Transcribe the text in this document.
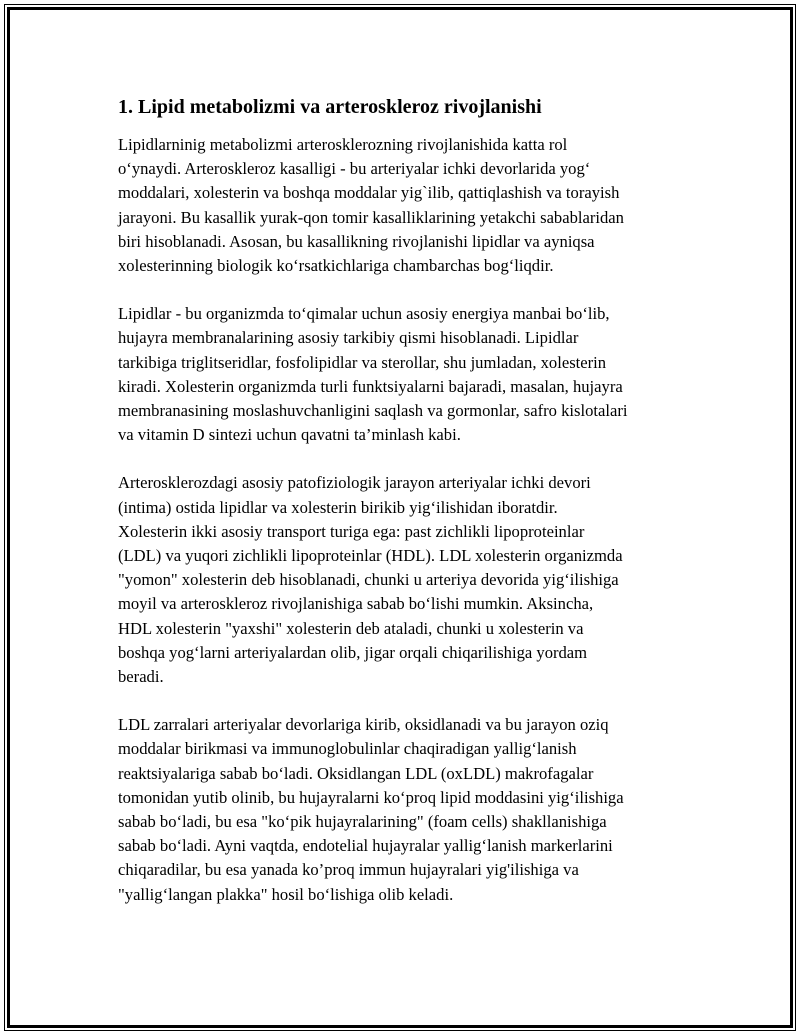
1. Lipid metabolizmi va arteroskleroz rivojlanishi
Lipidlarninig metabolizmi arterosklerozning rivojlanishida katta rol
o‘ynaydi. Arteroskleroz kasalligi - bu arteriyalar ichki devorlarida yog‘
moddalari, xolesterin va boshqa moddalar yig`ilib, qattiqlashish va torayish
jarayoni. Bu kasallik yurak-qon tomir kasalliklarining yetakchi sabablaridan
biri hisoblanadi. Asosan, bu kasallikning rivojlanishi lipidlar va ayniqsa
xolesterinning biologik ko‘rsatkichlariga chambarchas bog‘liqdir.
Lipidlar - bu organizmda to‘qimalar uchun asosiy energiya manbai bo‘lib,
hujayra membranalarining asosiy tarkibiy qismi hisoblanadi. Lipidlar
tarkibiga triglitseridlar, fosfolipidlar va sterollar, shu jumladan, xolesterin
kiradi. Xolesterin organizmda turli funktsiyalarni bajaradi, masalan, hujayra
membranasining moslashuvchanligini saqlash va gormonlar, safro kislotalari
va vitamin D sintezi uchun qavatni ta’minlash kabi.
Arterosklerozdagi asosiy patofiziologik jarayon arteriyalar ichki devori
(intima) ostida lipidlar va xolesterin birikib yig‘ilishidan iboratdir.
Xolesterin ikki asosiy transport turiga ega: past zichlikli lipoproteinlar
(LDL) va yuqori zichlikli lipoproteinlar (HDL). LDL xolesterin organizmda
"yomon" xolesterin deb hisoblanadi, chunki u arteriya devorida yig‘ilishiga
moyil va arteroskleroz rivojlanishiga sabab bo‘lishi mumkin. Aksincha,
HDL xolesterin "yaxshi" xolesterin deb ataladi, chunki u xolesterin va
boshqa yog‘larni arteriyalardan olib, jigar orqali chiqarilishiga yordam
beradi.
LDL zarralari arteriyalar devorlariga kirib, oksidlanadi va bu jarayon oziq
moddalar birikmasi va immunoglobulinlar chaqiradigan yallig‘lanish
reaktsiyalariga sabab bo‘ladi. Oksidlangan LDL (oxLDL) makrofagalar
tomonidan yutib olinib, bu hujayralarni ko‘proq lipid moddasini yig‘ilishiga
sabab bo‘ladi, bu esa "ko‘pik hujayralarining" (foam cells) shakllanishiga
sabab bo‘ladi. Ayni vaqtda, endotelial hujayralar yallig‘lanish markerlarini
chiqaradilar, bu esa yanada ko’proq immun hujayralari yig'ilishiga va
"yallig‘langan plakka" hosil bo‘lishiga olib keladi.
